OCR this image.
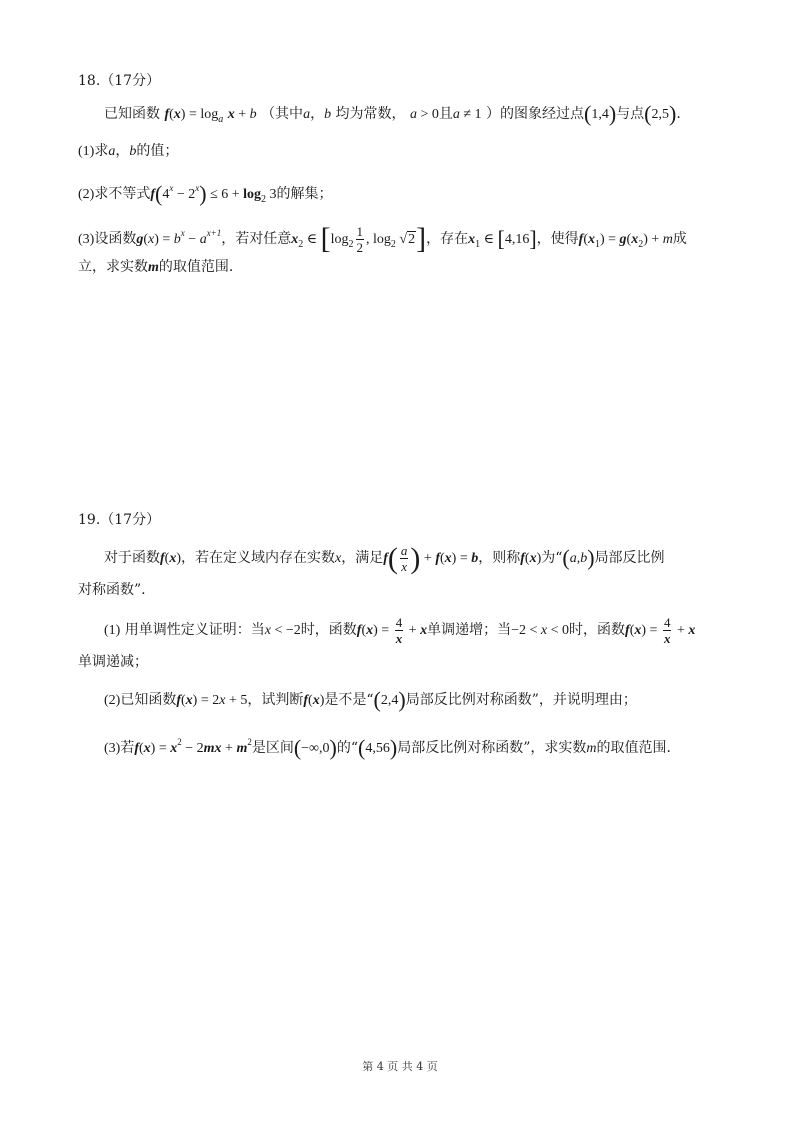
18.（17分）
已知函数 $f(x) = \log_a x + b$ （其中a，b 均为常数， a > 0且a ≠ 1 ）的图象经过点(1,4)与点(2,5).
(1)求a，b的值；
(2)求不等式$f(4^x - 2^x) \le 6 + \log_2 3$的解集；
(3)设函数$g(x) = b^x - a^{x+1}$，若对任意$x_2$ ∈ [$\log_2 \frac{1}{2}$ , $\log_2 √2$]，存在$x_1$ ∈ [4,16]，使得$f(x_1) = g(x_2) + m$成
立，求实数m的取值范围.
19.（17分）
对于函数f(x)，若在定义域内存在实数x，满足$f( \frac{a}{x}$ ) + f(x) = b，则称f(x)为“(a,b)局部反比例
对称函数”.
(1) 用单调性定义证明：当x < −2时，函数$f(x) = \frac{4}{x} + x$单调递增；当−2 < x < 0时，函数$f(x) = \frac{4}{x} + x$
单调递减；
(2)已知函数f(x) = 2x + 5，试判断f(x)是不是“(2,4)局部反比例对称函数”，并说明理由；
(3)若$f(x) = x^2 - 2mx + m^2$是区间(−∞,0)的“(4,56)局部反比例对称函数”，求实数m的取值范围.
第 4 页 共 4 页
